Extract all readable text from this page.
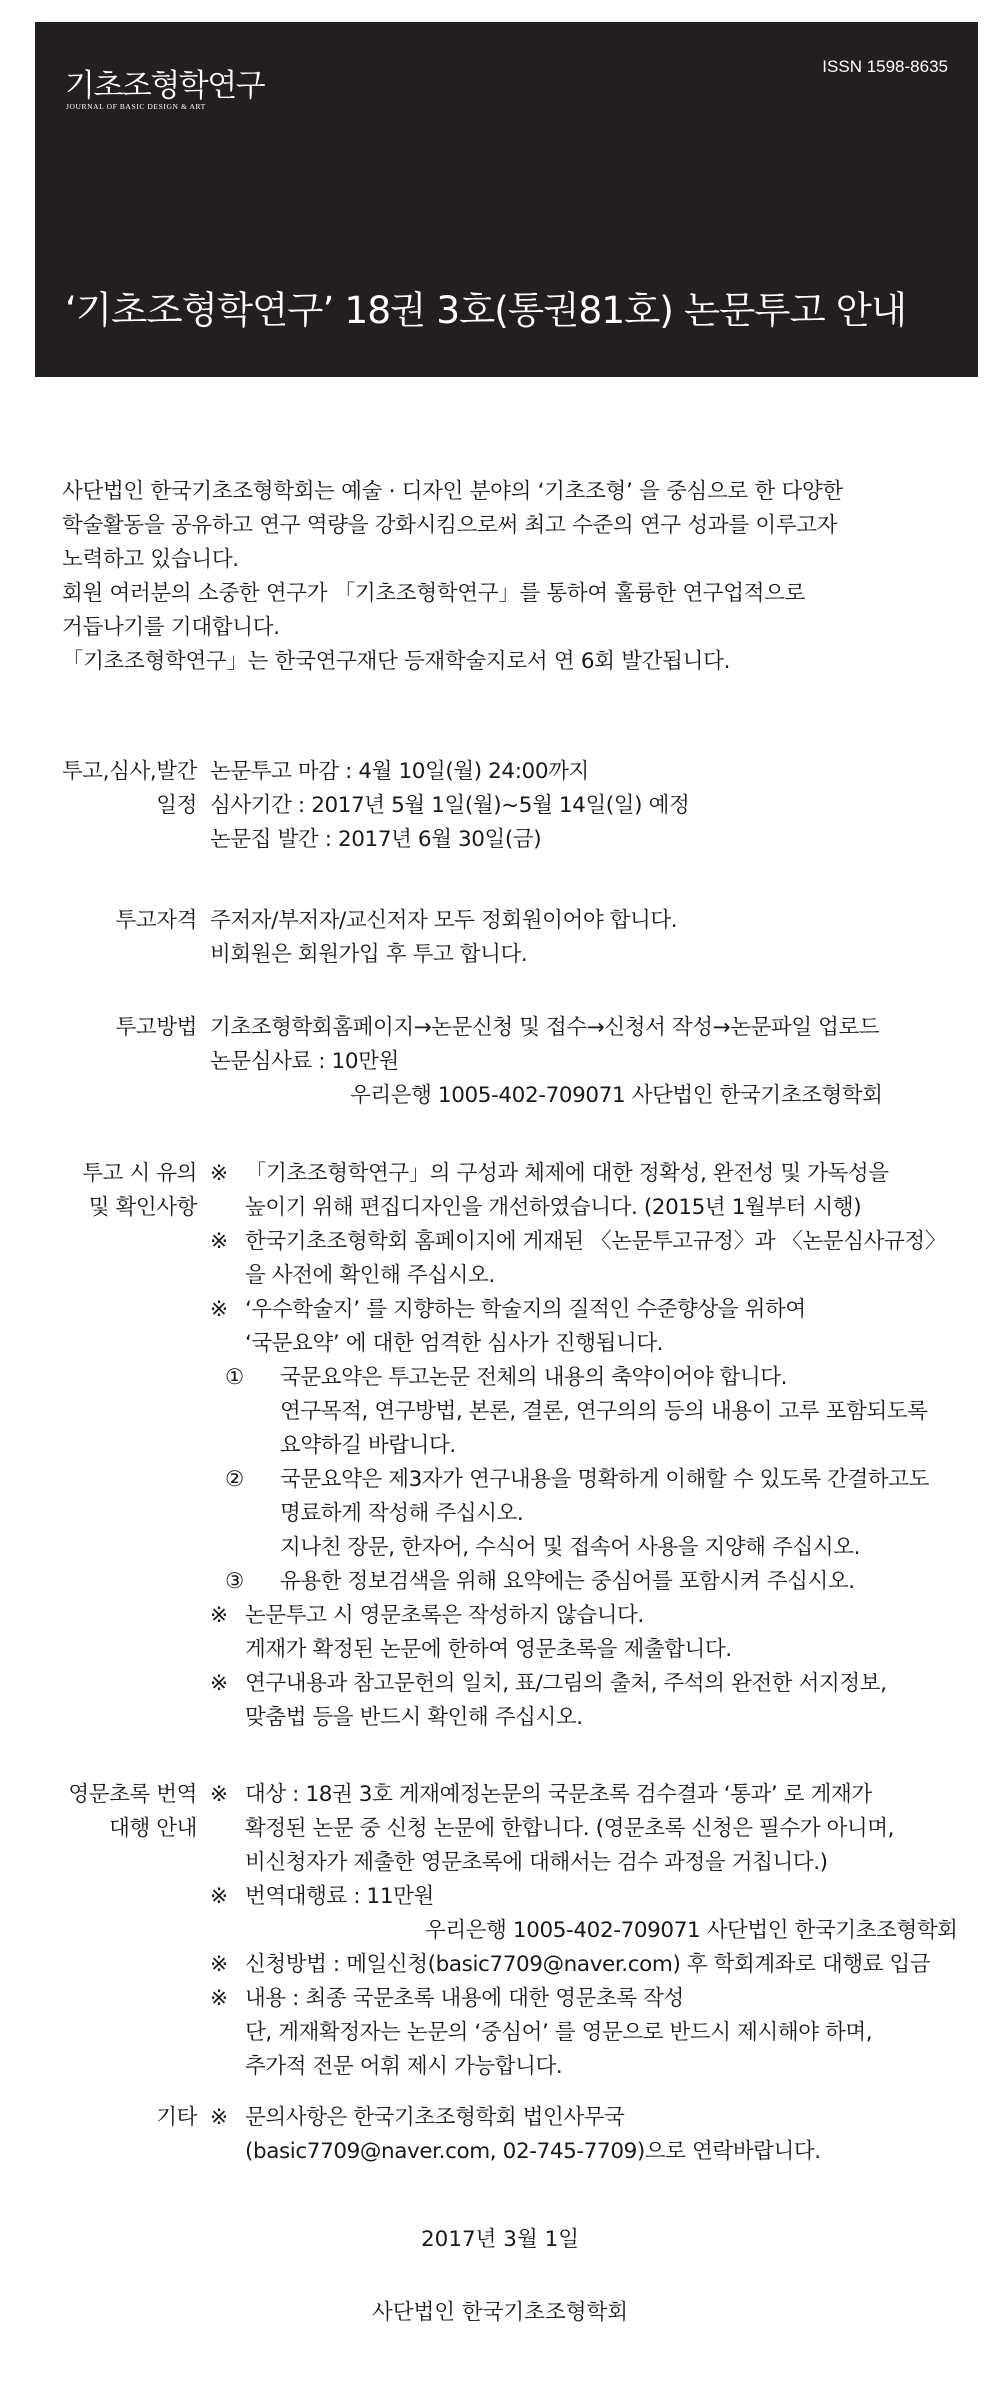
기초조형학연구
JOURNAL OF BASIC DESIGN & ART
ISSN 1598-8635
‘기초조형학연구’ 18권 3호(통권81호) 논문투고 안내

사단법인 한국기초조형학회는 예술 · 디자인 분야의 ‘기초조형’ 을 중심으로 한 다양한

학술활동을 공유하고 연구 역량을 강화시킴으로써 최고 수준의 연구 성과를 이루고자

노력하고 있습니다.

회원 여러분의 소중한 연구가 「기초조형학연구」를 통하여 훌륭한 연구업적으로

거듭나기를 기대합니다.

「기초조형학연구」는 한국연구재단 등재학술지로서 연 6회 발간됩니다.

투고,심사,발간
일정
논문투고 마감 : 4월 10일(월) 24:00까지
심사기간 : 2017년 5월 1일(월)~5월 14일(일) 예정
논문집 발간 : 2017년 6월 30일(금)
투고자격 주저자/부저자/교신저자 모두 정회원이어야 합니다.
비회원은 회원가입 후 투고 합니다.
투고방법 기초조형학회홈페이지→논문신청 및 접수→신청서 작성→논문파일 업로드
논문심사료 : 10만원
우리은행 1005-402-709071 사단법인 한국기초조형학회
투고 시 유의
및 확인사항
※ 「기초조형학연구」의 구성과 체제에 대한 정확성, 완전성 및 가독성을
높이기 위해 편집디자인을 개선하였습니다. (2015년 1월부터 시행)
※ 한국기초조형학회 홈페이지에 게재된 〈논문투고규정〉과 〈논문심사규정〉
을 사전에 확인해 주십시오.
※ ‘우수학술지’ 를 지향하는 학술지의 질적인 수준향상을 위하여
‘국문요약’ 에 대한 엄격한 심사가 진행됩니다.
① 국문요약은 투고논문 전체의 내용의 축약이어야 합니다.
연구목적, 연구방법, 본론, 결론, 연구의의 등의 내용이 고루 포함되도록
요약하길 바랍니다.
② 국문요약은 제3자가 연구내용을 명확하게 이해할 수 있도록 간결하고도
명료하게 작성해 주십시오.
지나친 장문, 한자어, 수식어 및 접속어 사용을 지양해 주십시오.
③ 유용한 정보검색을 위해 요약에는 중심어를 포함시켜 주십시오.
※ 논문투고 시 영문초록은 작성하지 않습니다.
게재가 확정된 논문에 한하여 영문초록을 제출합니다.
※ 연구내용과 참고문헌의 일치, 표/그림의 출처, 주석의 완전한 서지정보,
맞춤법 등을 반드시 확인해 주십시오.
영문초록 번역
대행 안내
※ 대상 : 18권 3호 게재예정논문의 국문초록 검수결과 ‘통과’ 로 게재가
확정된 논문 중 신청 논문에 한합니다. (영문초록 신청은 필수가 아니며,
비신청자가 제출한 영문초록에 대해서는 검수 과정을 거칩니다.)
※ 번역대행료 : 11만원
우리은행 1005-402-709071 사단법인 한국기초조형학회
※ 신청방법 : 메일신청(basic7709@naver.com) 후 학회계좌로 대행료 입금
※ 내용 : 최종 국문초록 내용에 대한 영문초록 작성
단, 게재확정자는 논문의 ‘중심어’ 를 영문으로 반드시 제시해야 하며,
추가적 전문 어휘 제시 가능합니다.
기타 ※ 문의사항은 한국기초조형학회 법인사무국
(basic7709@naver.com, 02-745-7709)으로 연락바랍니다.
2017년 3월 1일
사단법인 한국기초조형학회
